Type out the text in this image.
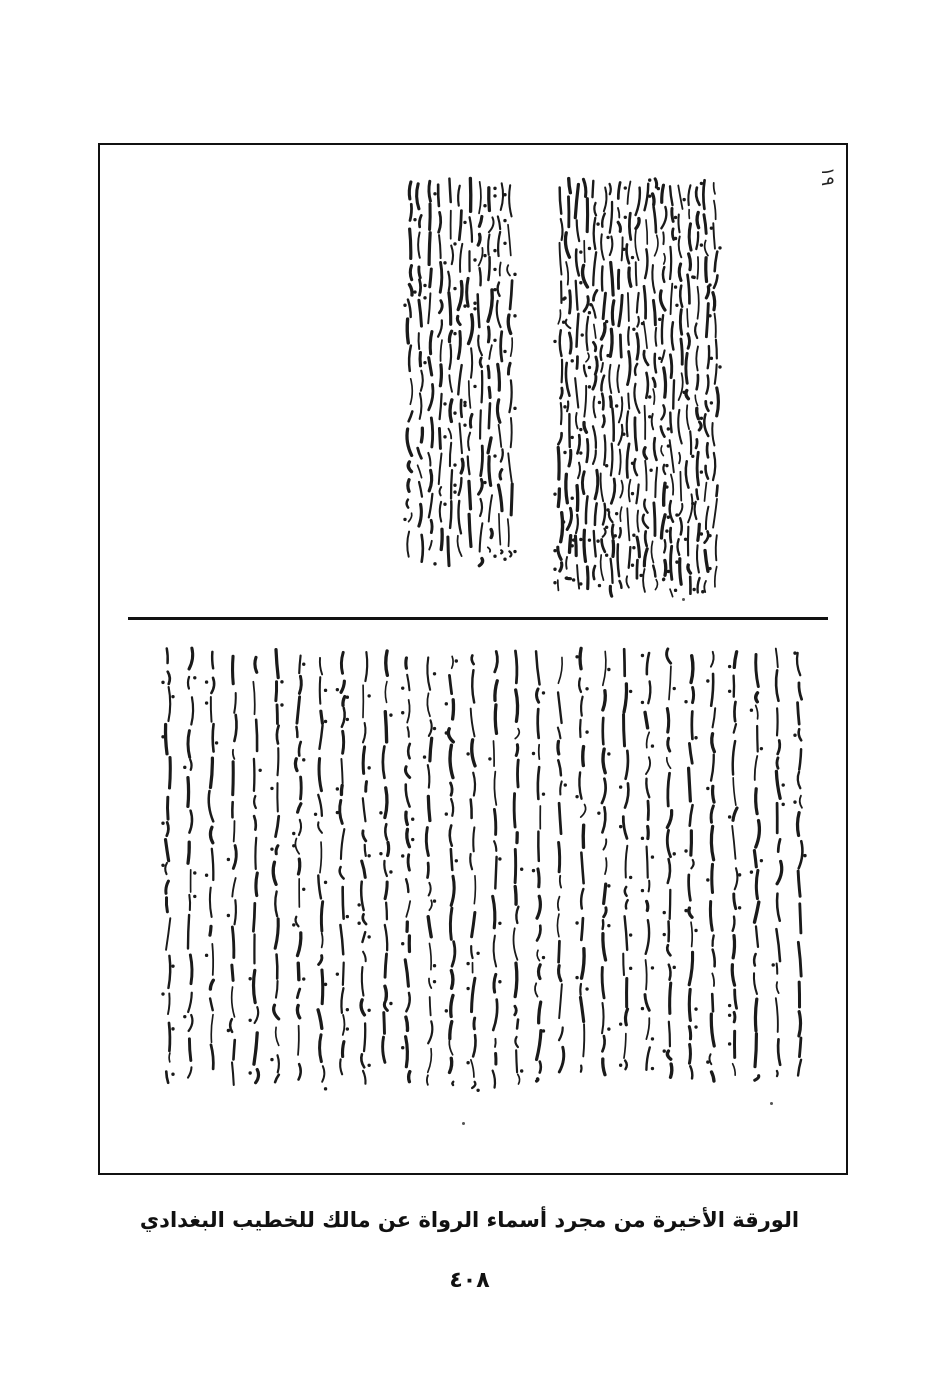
١٩
الورقة الأخيرة من مجرد أسماء الرواة عن مالك للخطيب البغدادي
٤٠٨
